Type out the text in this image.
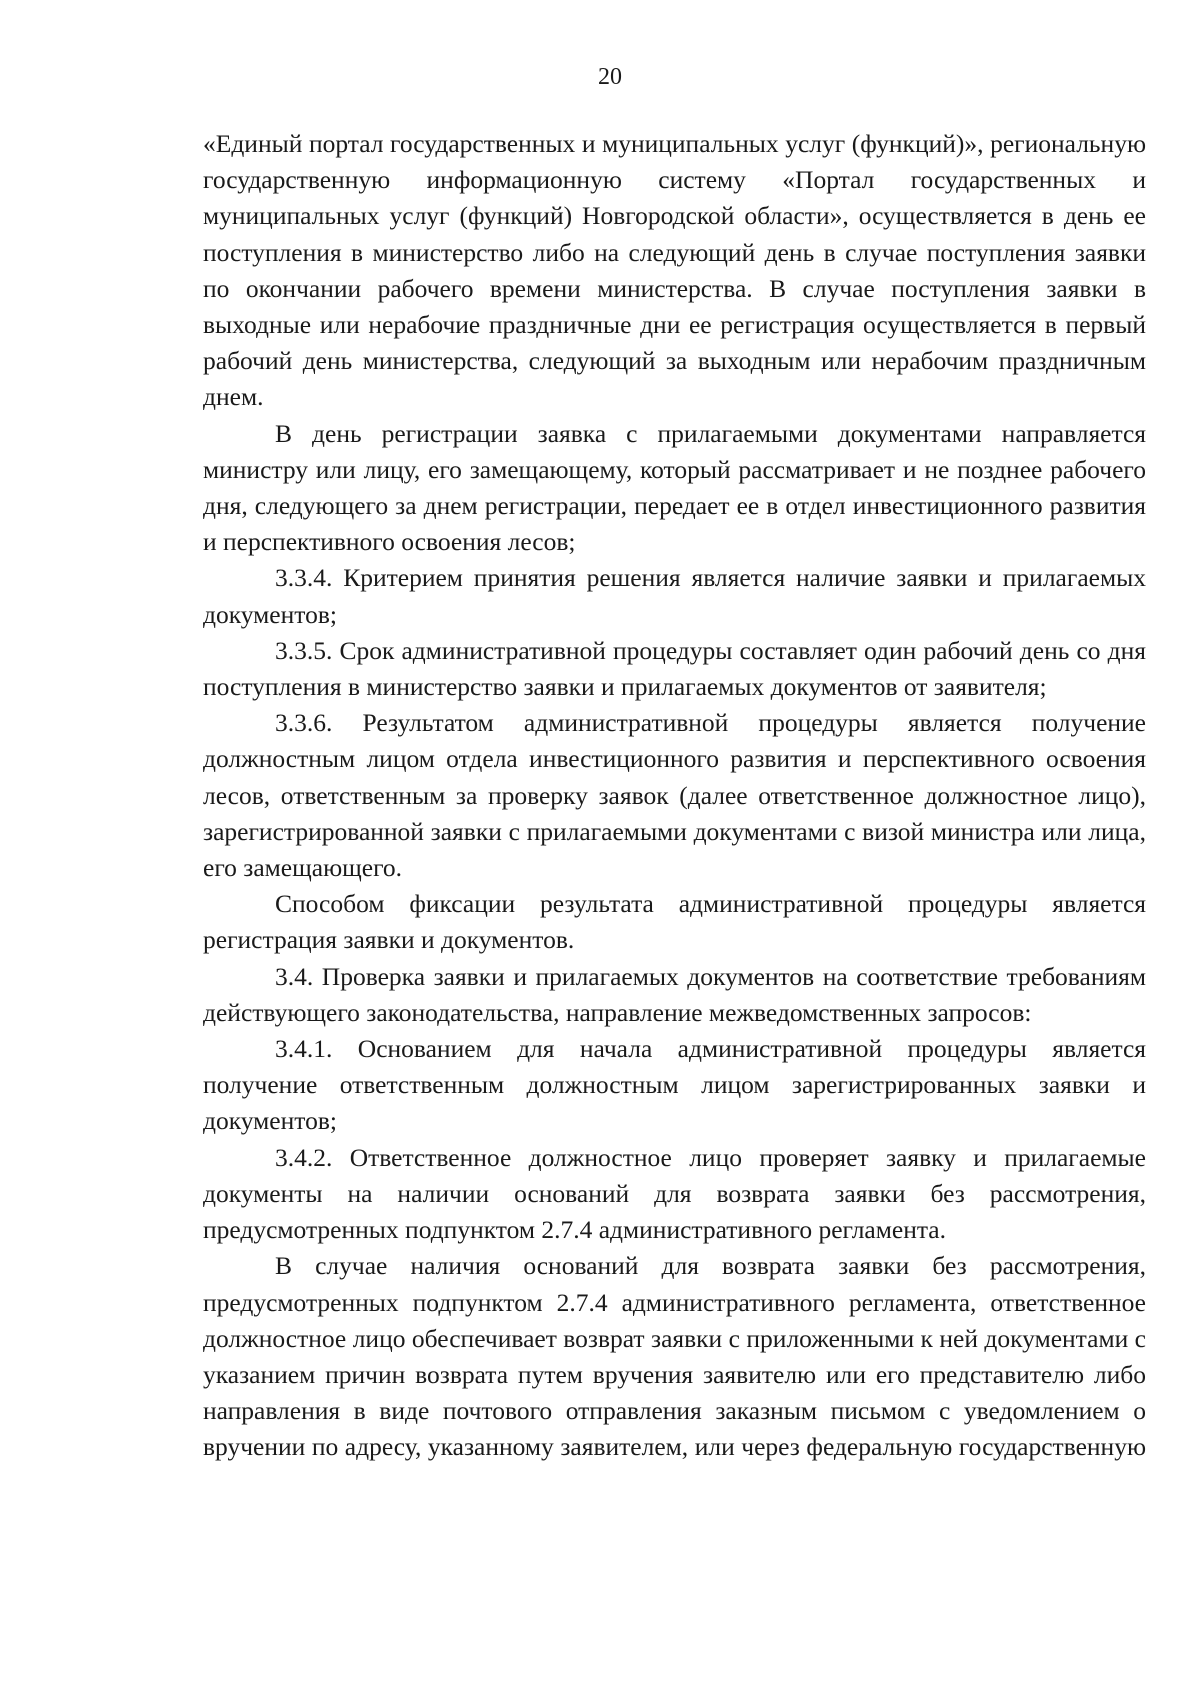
20

«Единый портал государственных и муниципальных услуг (функций)», региональную государственную информационную систему «Портал государственных и муниципальных услуг (функций) Новгородской области», осуществляется в день ее поступления в министерство либо на следующий день в случае поступления заявки по окончании рабочего времени министерства. В случае поступления заявки в выходные или нерабочие праздничные дни ее регистрация осуществляется в первый рабочий день министерства, следующий за выходным или нерабочим праздничным днем.

В день регистрации заявка с прилагаемыми документами направляется министру или лицу, его замещающему, который рассматривает и не позднее рабочего дня, следующего за днем регистрации, передает ее в отдел инвестиционного развития и перспективного освоения лесов;

3.3.4. Критерием принятия решения является наличие заявки и прилагаемых документов;

3.3.5. Срок административной процедуры составляет один рабочий день со дня поступления в министерство заявки и прилагаемых документов от заявителя;

3.3.6. Результатом административной процедуры является получение должностным лицом отдела инвестиционного развития и перспективного освоения лесов, ответственным за проверку заявок (далее ответственное должностное лицо), зарегистрированной заявки с прилагаемыми документами с визой министра или лица, его замещающего.

Способом фиксации результата административной процедуры является регистрация заявки и документов.

3.4. Проверка заявки и прилагаемых документов на соответствие требованиям действующего законодательства, направление межведомственных запросов:

3.4.1. Основанием для начала административной процедуры является получение ответственным должностным лицом зарегистрированных заявки и документов;

3.4.2. Ответственное должностное лицо проверяет заявку и прилагаемые документы на наличии оснований для возврата заявки без рассмотрения, предусмотренных подпунктом 2.7.4 административного регламента.

В случае наличия оснований для возврата заявки без рассмотрения, предусмотренных подпунктом 2.7.4 административного регламента, ответственное должностное лицо обеспечивает возврат заявки с приложенными к ней документами с указанием причин возврата путем вручения заявителю или его представителю либо направления в виде почтового отправления заказным письмом с уведомлением о вручении по адресу, указанному заявителем, или через федеральную государственную
